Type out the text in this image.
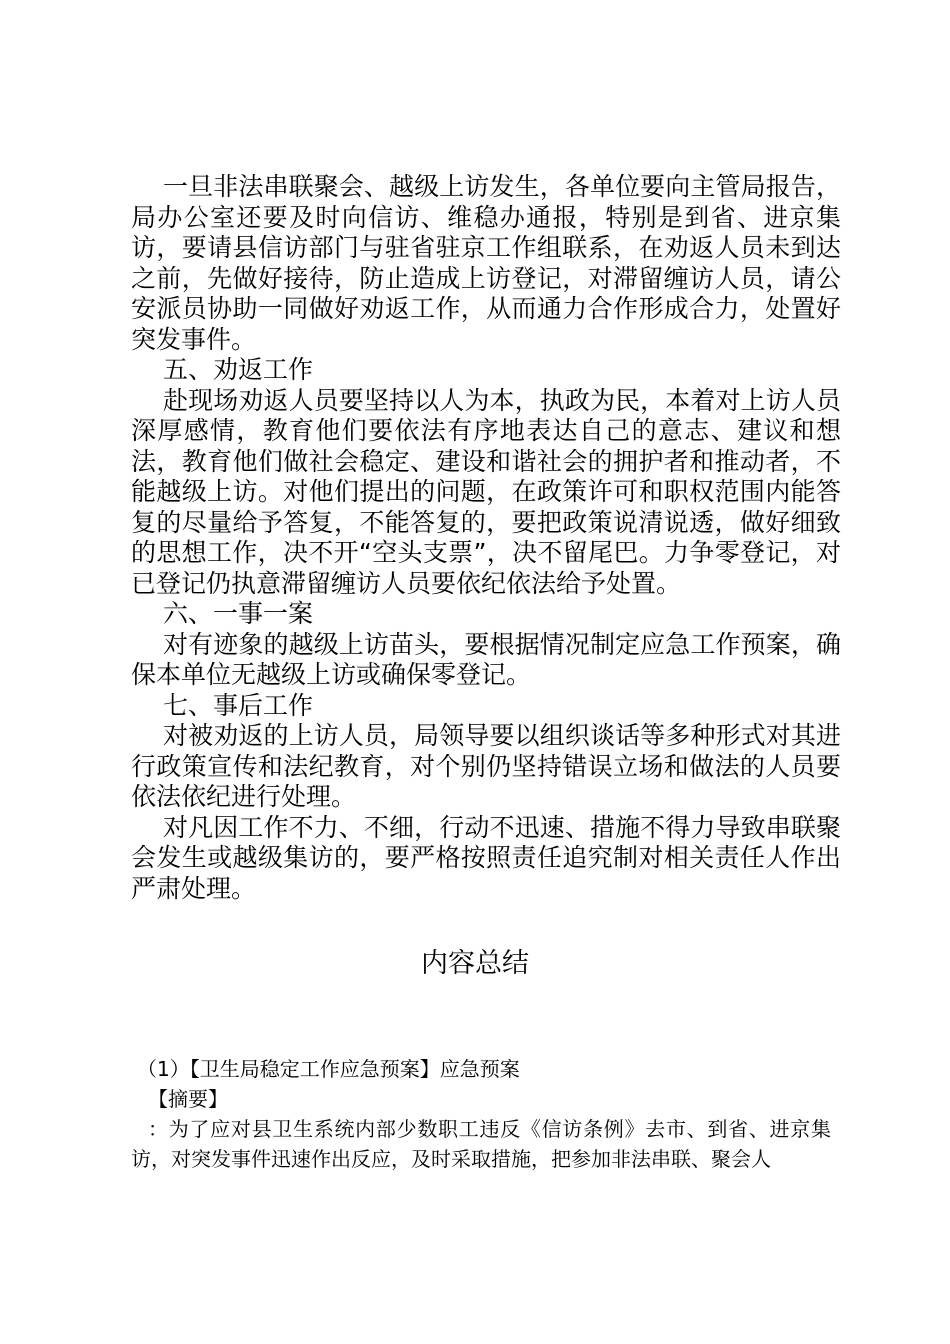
一旦非法串联聚会、越级上访发生，各单位要向主管局报告，局办公室还要及时向信访、维稳办通报，特别是到省、进京集访，要请县信访部门与驻省驻京工作组联系，在劝返人员未到达之前，先做好接待，防止造成上访登记，对滞留缠访人员，请公安派员协助一同做好劝返工作，从而通力合作形成合力，处置好突发事件。

五、劝返工作

赴现场劝返人员要坚持以人为本，执政为民，本着对上访人员深厚感情，教育他们要依法有序地表达自己的意志、建议和想法，教育他们做社会稳定、建设和谐社会的拥护者和推动者，不能越级上访。对他们提出的问题，在政策许可和职权范围内能答复的尽量给予答复，不能答复的，要把政策说清说透，做好细致的思想工作，决不开“空头支票”，决不留尾巴。力争零登记，对已登记仍执意滞留缠访人员要依纪依法给予处置。

六、一事一案

对有迹象的越级上访苗头，要根据情况制定应急工作预案，确保本单位无越级上访或确保零登记。

七、事后工作

对被劝返的上访人员，局领导要以组织谈话等多种形式对其进行政策宣传和法纪教育，对个别仍坚持错误立场和做法的人员要依法依纪进行处理。

对凡因工作不力、不细，行动不迅速、措施不得力导致串联聚会发生或越级集访的，要严格按照责任追究制对相关责任人作出严肃处理。

内容总结

（1）【卫生局稳定工作应急预案】应急预案

【摘要】

：为了应对县卫生系统内部少数职工违反《信访条例》去市、到省、进京集访，对突发事件迅速作出反应，及时采取措施，把参加非法串联、聚会人
